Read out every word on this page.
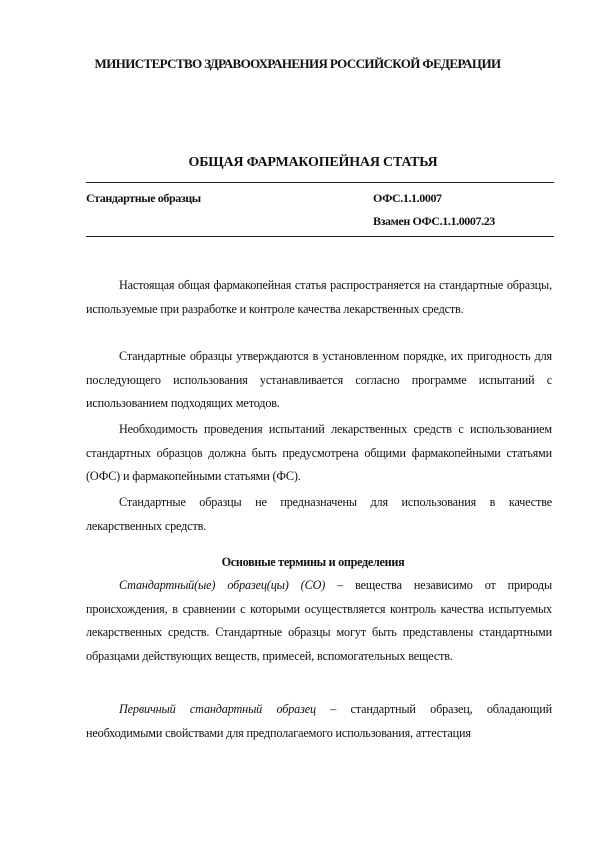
МИНИСТЕРСТВО ЗДРАВООХРАНЕНИЯ РОССИЙСКОЙ ФЕДЕРАЦИИ
ОБЩАЯ ФАРМАКОПЕЙНАЯ СТАТЬЯ
Стандартные образцы	ОФС.1.1.0007
Взамен ОФС.1.1.0007.23
Настоящая общая фармакопейная статья распространяется на стандартные образцы, используемые при разработке и контроле качества лекарственных средств.
Стандартные образцы утверждаются в установленном порядке, их пригодность для последующего использования устанавливается согласно программе испытаний с использованием подходящих методов.
Необходимость проведения испытаний лекарственных средств с использованием стандартных образцов должна быть предусмотрена общими фармакопейными статьями (ОФС) и фармакопейными статьями (ФС).
Стандартные образцы не предназначены для использования в качестве лекарственных средств.
Основные термины и определения
Стандартный(ые) образец(цы) (СО) – вещества независимо от природы происхождения, в сравнении с которыми осуществляется контроль качества испытуемых лекарственных средств. Стандартные образцы могут быть представлены стандартными образцами действующих веществ, примесей, вспомогательных веществ.
Первичный стандартный образец – стандартный образец, обладающий необходимыми свойствами для предполагаемого использования, аттестация
